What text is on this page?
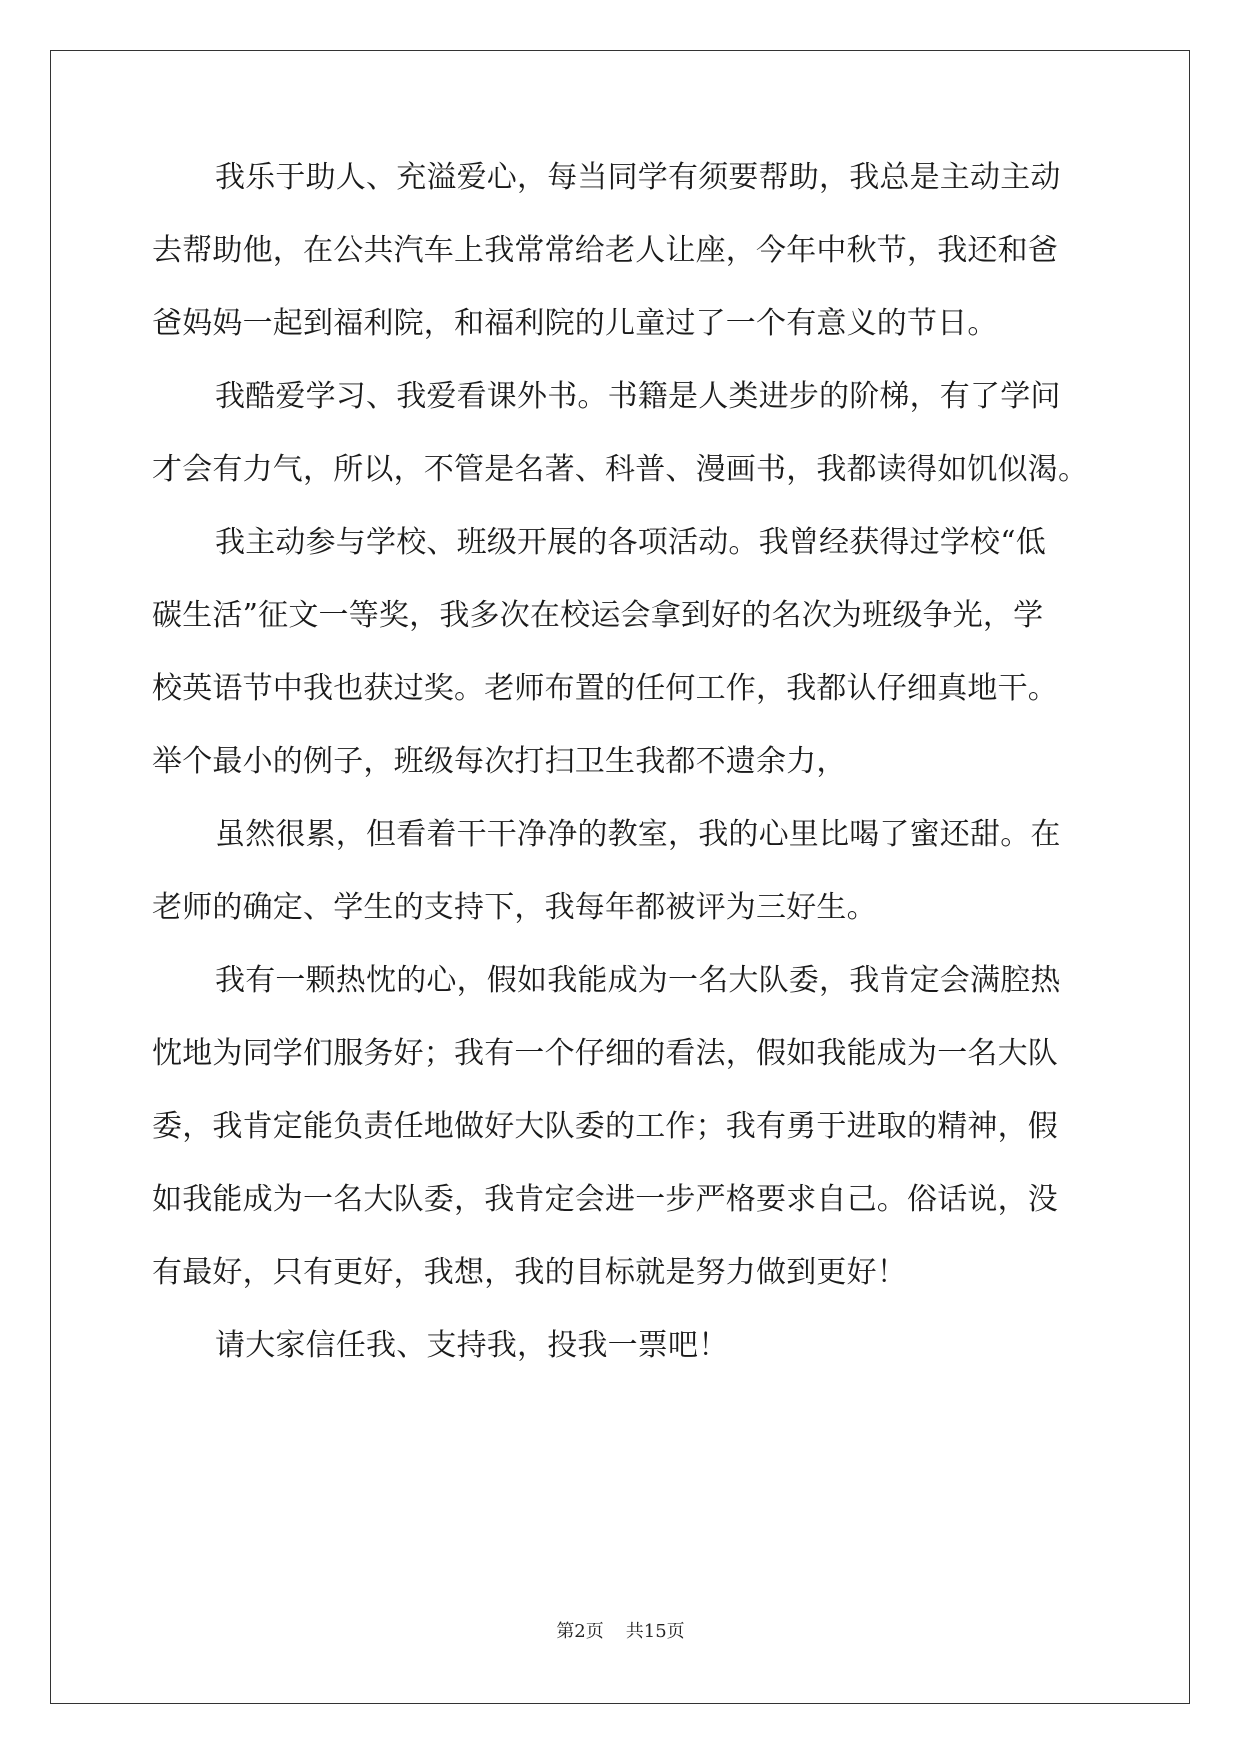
我乐于助人、充溢爱心，每当同学有须要帮助，我总是主动主动
去帮助他，在公共汽车上我常常给老人让座，今年中秋节，我还和爸
爸妈妈一起到福利院，和福利院的儿童过了一个有意义的节日。
我酷爱学习、我爱看课外书。书籍是人类进步的阶梯，有了学问
才会有力气，所以，不管是名著、科普、漫画书，我都读得如饥似渴。
我主动参与学校、班级开展的各项活动。我曾经获得过学校“低
碳生活”征文一等奖，我多次在校运会拿到好的名次为班级争光，学
校英语节中我也获过奖。老师布置的任何工作，我都认仔细真地干。
举个最小的例子，班级每次打扫卫生我都不遗余力，
虽然很累，但看着干干净净的教室，我的心里比喝了蜜还甜。在
老师的确定、学生的支持下，我每年都被评为三好生。
我有一颗热忱的心，假如我能成为一名大队委，我肯定会满腔热
忱地为同学们服务好；我有一个仔细的看法，假如我能成为一名大队
委，我肯定能负责任地做好大队委的工作；我有勇于进取的精神，假
如我能成为一名大队委，我肯定会进一步严格要求自己。俗话说，没
有最好，只有更好，我想，我的目标就是努力做到更好！
请大家信任我、支持我，投我一票吧！
第2页 共15页
